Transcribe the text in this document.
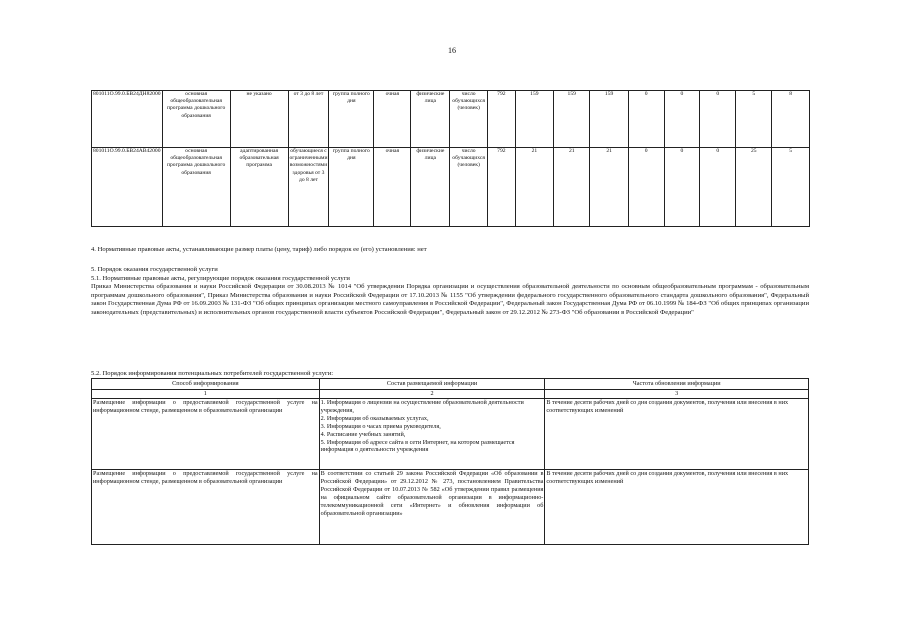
16
801011О.99.0.БВ24ДН82000	основная общеобразовательная программа дошкольного образования	не указано	от 3 до 8 лет	группа полного дня	очная	физические лица	число обучающихся (человек)	792	159	159	159	0	0	0	5	8
801011О.99.0.БВ24АВ42000	основная общеобразовательная программа дошкольного образования	адаптированная образовательная программа	обучающиеся с ограниченными возможностями здоровья от 3 до 8 лет	группа полного дня	очная	физические лица	число обучающихся (человек)	792	21	21	21	0	0	0	25	5
4. Нормативные правовые акты, устанавливающие размер платы (цену, тариф) либо порядок ее (его) установления: нет
5. Порядок оказания государственной услуги
5.1. Нормативные правовые акты, регулирующие порядок оказания государственной услуги
Приказ Министерства образования и науки Российской Федерации от 30.08.2013 № 1014 "Об утверждении Порядка организации и осуществления образовательной деятельности по основным общеобразовательным программам - образовательным программам дошкольного образования", Приказ Министерства образования и науки Российской Федерации от 17.10.2013 № 1155 "Об утверждении федерального государственного образовательного стандарта дошкольного образования", Федеральный закон Государственная Дума РФ от 16.09.2003 № 131-ФЗ "Об общих принципах организации местного самоуправления в Российской Федерации", Федеральный закон Государственная Дума РФ от 06.10.1999 № 184-ФЗ "Об общих принципах организации законодательных (представительных) и исполнительных органов государственной власти субъектов Российской Федерации", Федеральный закон от 29.12.2012 № 273-ФЗ "Об образовании в Российской Федерации"
5.2. Порядок информирования потенциальных потребителей государственной услуги:
Способ информирования	Состав размещаемой информации	Частота обновления информации
1	2	3
Размещение информации о предоставляемой государственной услуге на информационном стенде, размещенном в образовательной организации	1. Информация о лицензии на осуществление образовательной деятельности учреждения,
2. Информация об оказываемых услугах,
3. Информация о часах приема руководителя,
4. Расписание учебных занятий,
5. Информация об адресе сайта в сети Интернет, на котором размещается информация о деятельности учреждения	В течение десяти рабочих дней со дня создания документов, получения или внесения в них соответствующих изменений
Размещение информации о предоставляемой государственной услуге на информационном стенде, размещенном в образовательной организации	В соответствии со статьей 29 закона Российской Федерации «Об образовании в Российской Федерации» от 29.12.2012 № 273, постановлением Правительства Российской Федерации от 10.07.2013 № 582 «Об утверждении правил размещения на официальном сайте образовательной организации в информационно-телекоммуникационной сети «Интернет» и обновления информации об образовательной организации»	В течение десяти рабочих дней со дня создания документов, получения или внесения в них соответствующих изменений
